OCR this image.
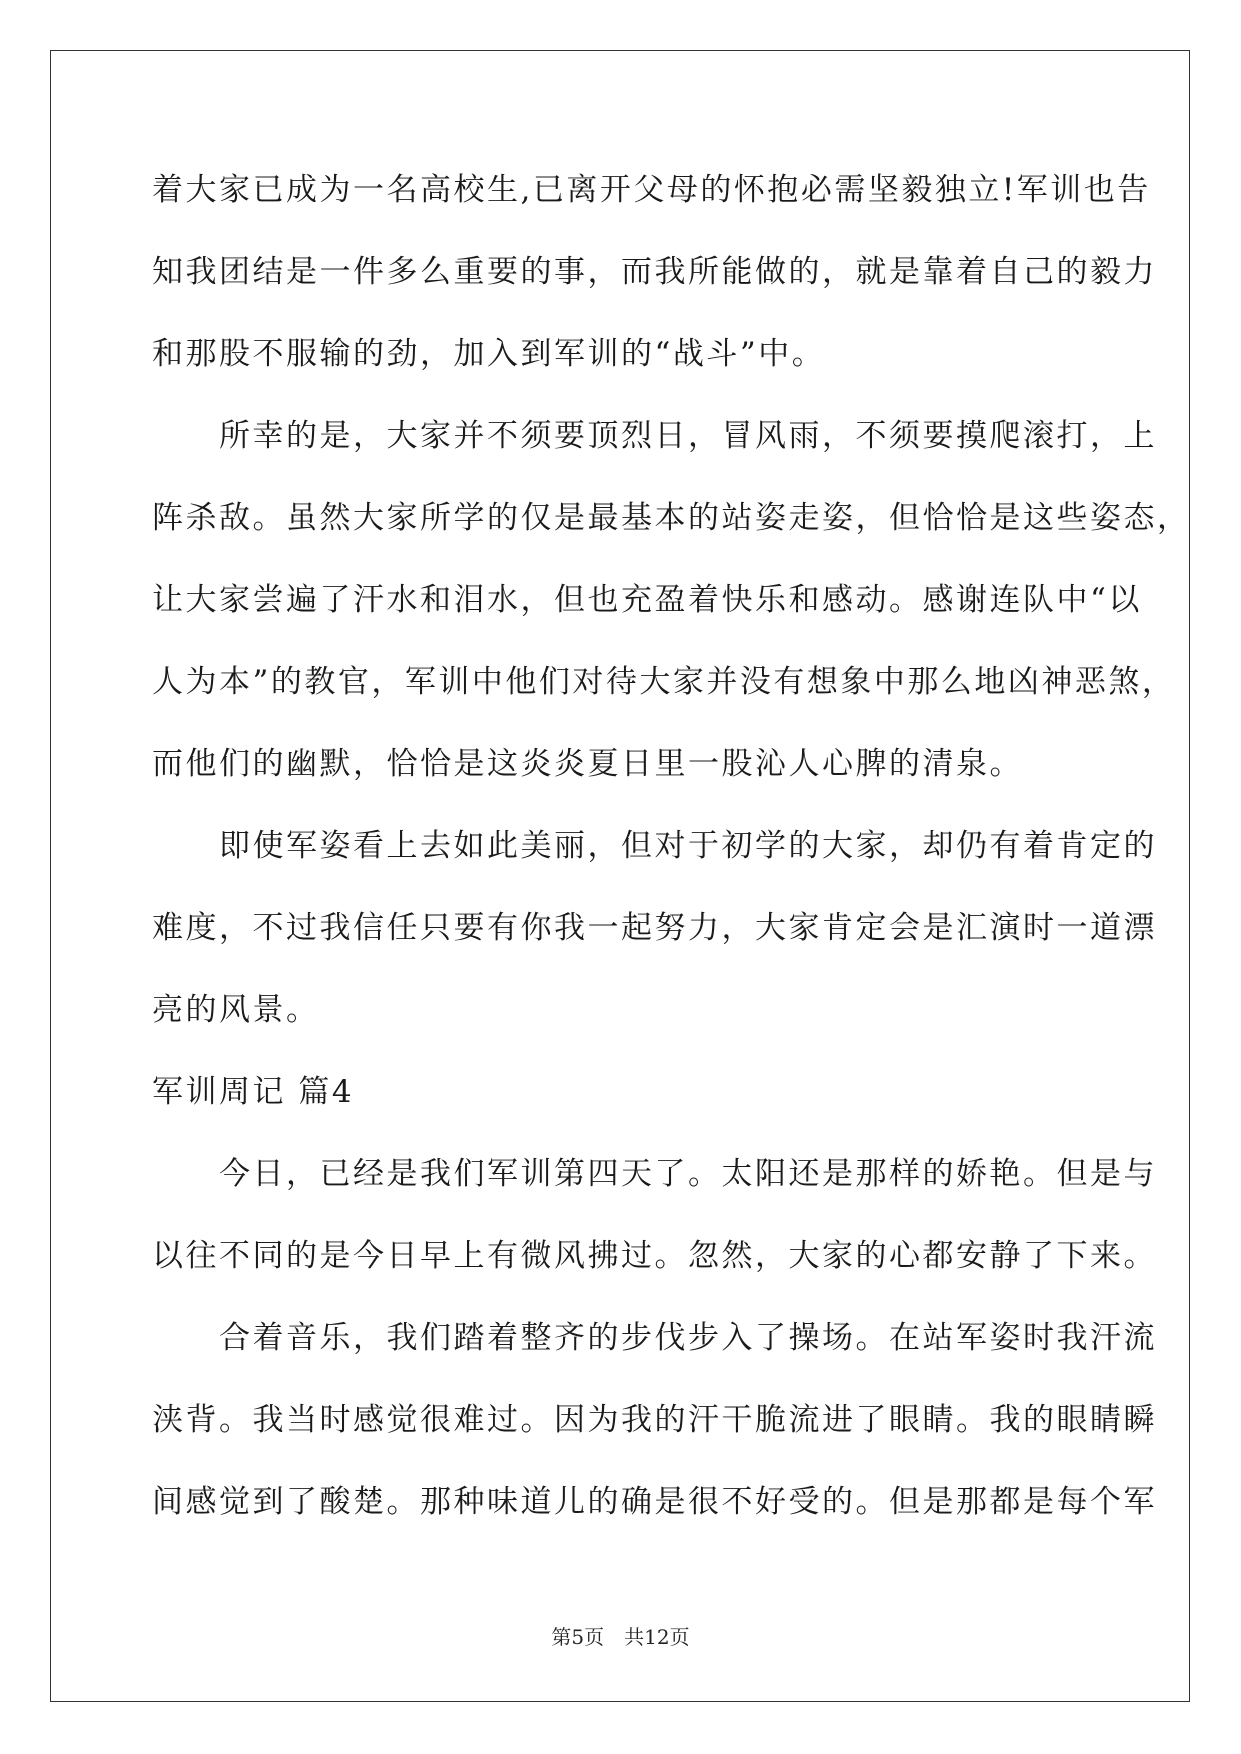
着大家已成为一名高校生,已离开父母的怀抱必需坚毅独立!军训也告
知我团结是一件多么重要的事，而我所能做的，就是靠着自己的毅力
和那股不服输的劲，加入到军训的“战斗”中。
　　所幸的是，大家并不须要顶烈日，冒风雨，不须要摸爬滚打，上
阵杀敌。虽然大家所学的仅是最基本的站姿走姿，但恰恰是这些姿态，
让大家尝遍了汗水和泪水，但也充盈着快乐和感动。感谢连队中“以
人为本”的教官，军训中他们对待大家并没有想象中那么地凶神恶煞，
而他们的幽默，恰恰是这炎炎夏日里一股沁人心脾的清泉。
　　即使军姿看上去如此美丽，但对于初学的大家，却仍有着肯定的
难度，不过我信任只要有你我一起努力，大家肯定会是汇演时一道漂
亮的风景。
军训周记 篇4
　　今日，已经是我们军训第四天了。太阳还是那样的娇艳。但是与
以往不同的是今日早上有微风拂过。忽然，大家的心都安静了下来。
　　合着音乐，我们踏着整齐的步伐步入了操场。在站军姿时我汗流
浃背。我当时感觉很难过。因为我的汗干脆流进了眼睛。我的眼睛瞬
间感觉到了酸楚。那种味道儿的确是很不好受的。但是那都是每个军
第5页　共12页
